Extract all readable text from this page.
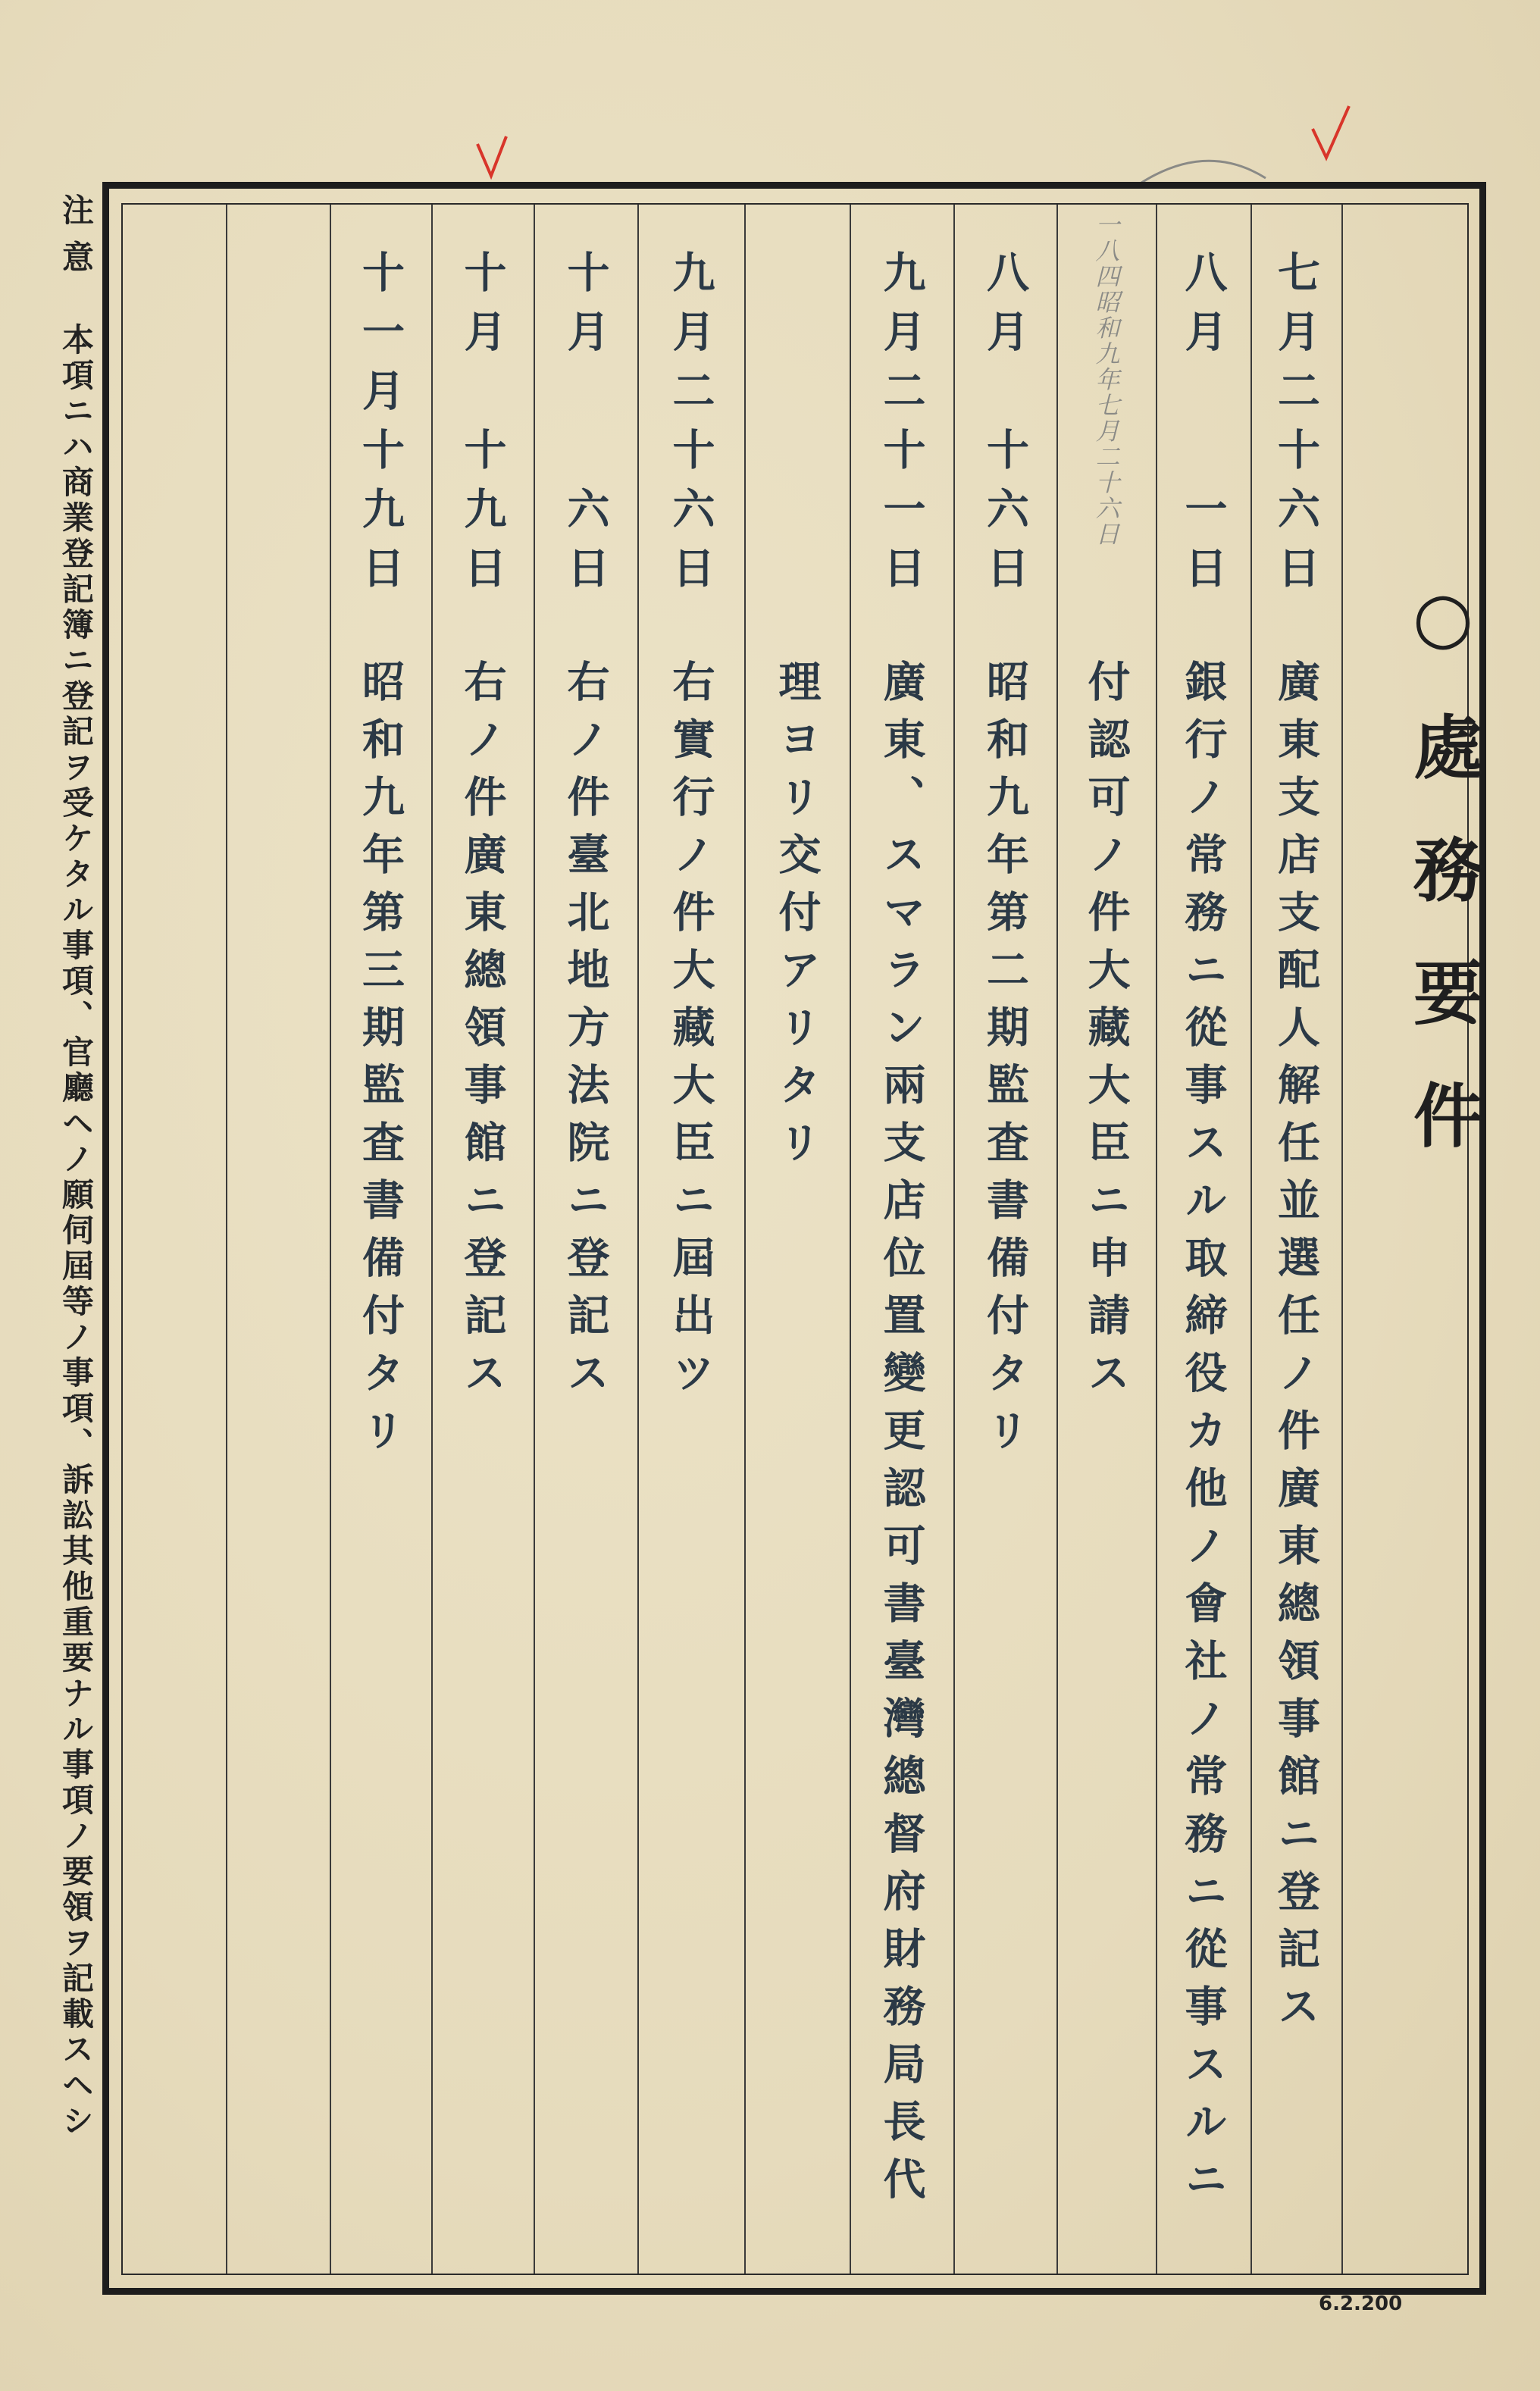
○處務要件
七月二十六日
廣東支店支配人解任並選任ノ件廣東總領事館ニ登記ス
八月　　一日
銀行ノ常務ニ從事スル取締役カ他ノ會社ノ常務ニ從事スルニ
一八四昭和九年七月二十六日
付認可ノ件大藏大臣ニ申請ス
八月　十六日
昭和九年第二期監査書備付タリ
九月二十一日
廣東、スマラン兩支店位置變更認可書臺灣總督府財務局長代
理ヨリ交付アリタリ
九月二十六日
右實行ノ件大藏大臣ニ屆出ツ
十月　　六日
右ノ件臺北地方法院ニ登記ス
十月　十九日
右ノ件廣東總領事館ニ登記ス
十一月十九日
昭和九年第三期監査書備付タリ
注意　本項ニハ商業登記簿ニ登記ヲ受ケタル事項、官廳ヘノ願伺屆等ノ事項、訴訟其他重要ナル事項ノ要領ヲ記載スヘシ
6.2.200
